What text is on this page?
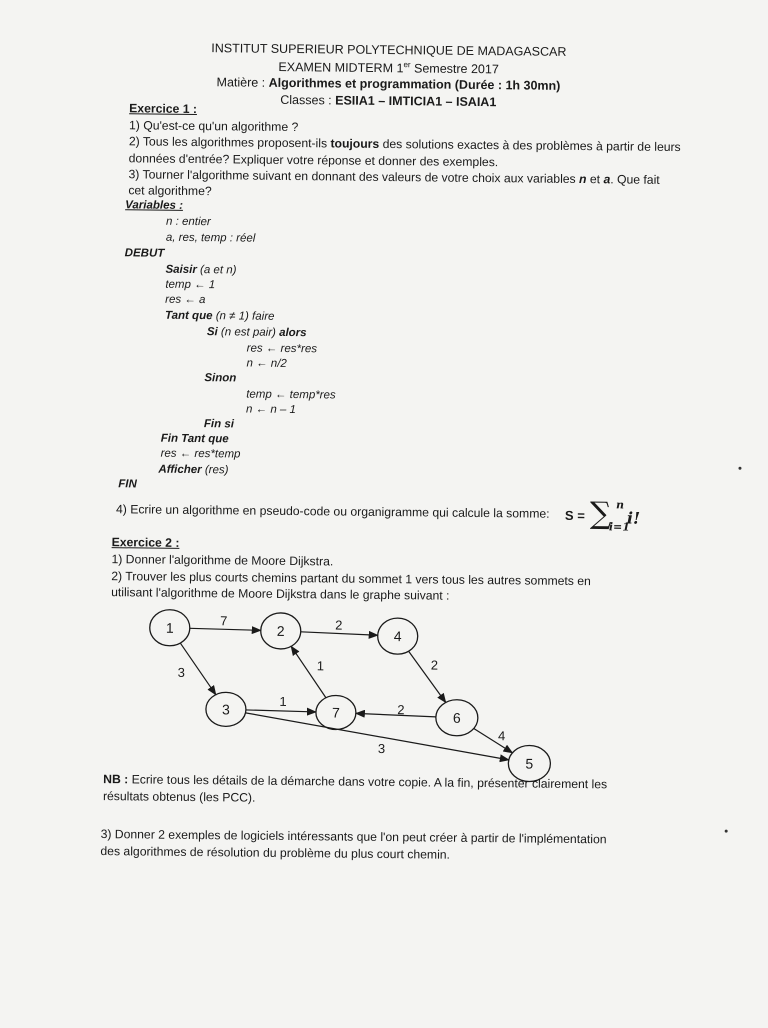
INSTITUT SUPERIEUR POLYTECHNIQUE DE MADAGASCAR
EXAMEN MIDTERM 1er Semestre 2017
Matière : Algorithmes et programmation (Durée : 1h 30mn)
Classes : ESIIA1 – IMTICIA1 – ISAIA1
Exercice 1 :
1) Qu'est-ce qu'un algorithme ?
2) Tous les algorithmes proposent-ils toujours des solutions exactes à des problèmes à partir de leurs
données d'entrée? Expliquer votre réponse et donner des exemples.
3) Tourner l'algorithme suivant en donnant des valeurs de votre choix aux variables n et a. Que fait
cet algorithme?
Variables :
n : entier
a, res, temp : réel
DEBUT
Saisir (a et n)
temp ← 1
res ← a
Tant que (n ≠ 1) faire
Si (n est pair) alors
res ← res*res
n ← n/2
Sinon
temp ← temp*res
n ← n – 1
Fin si
Fin Tant que
res ← res*temp
Afficher (res)
FIN
4) Ecrire un algorithme en pseudo-code ou organigramme qui calcule la somme: S = ∑ n
i=1
i!
Exercice 2 :
1) Donner l'algorithme de Moore Dijkstra.
2) Trouver les plus courts chemins partant du sommet 1 vers tous les autres sommets en
utilisant l'algorithme de Moore Dijkstra dans le graphe suivant :
7	2
3	1	2
1
2
4
3
1	2	4
3	7	6
5
NB : Ecrire tous les détails de la démarche dans votre copie. A la fin, présenter clairement les
résultats obtenus (les PCC).
3) Donner 2 exemples de logiciels intéressants que l'on peut créer à partir de l'implémentation
des algorithmes de résolution du problème du plus court chemin.
